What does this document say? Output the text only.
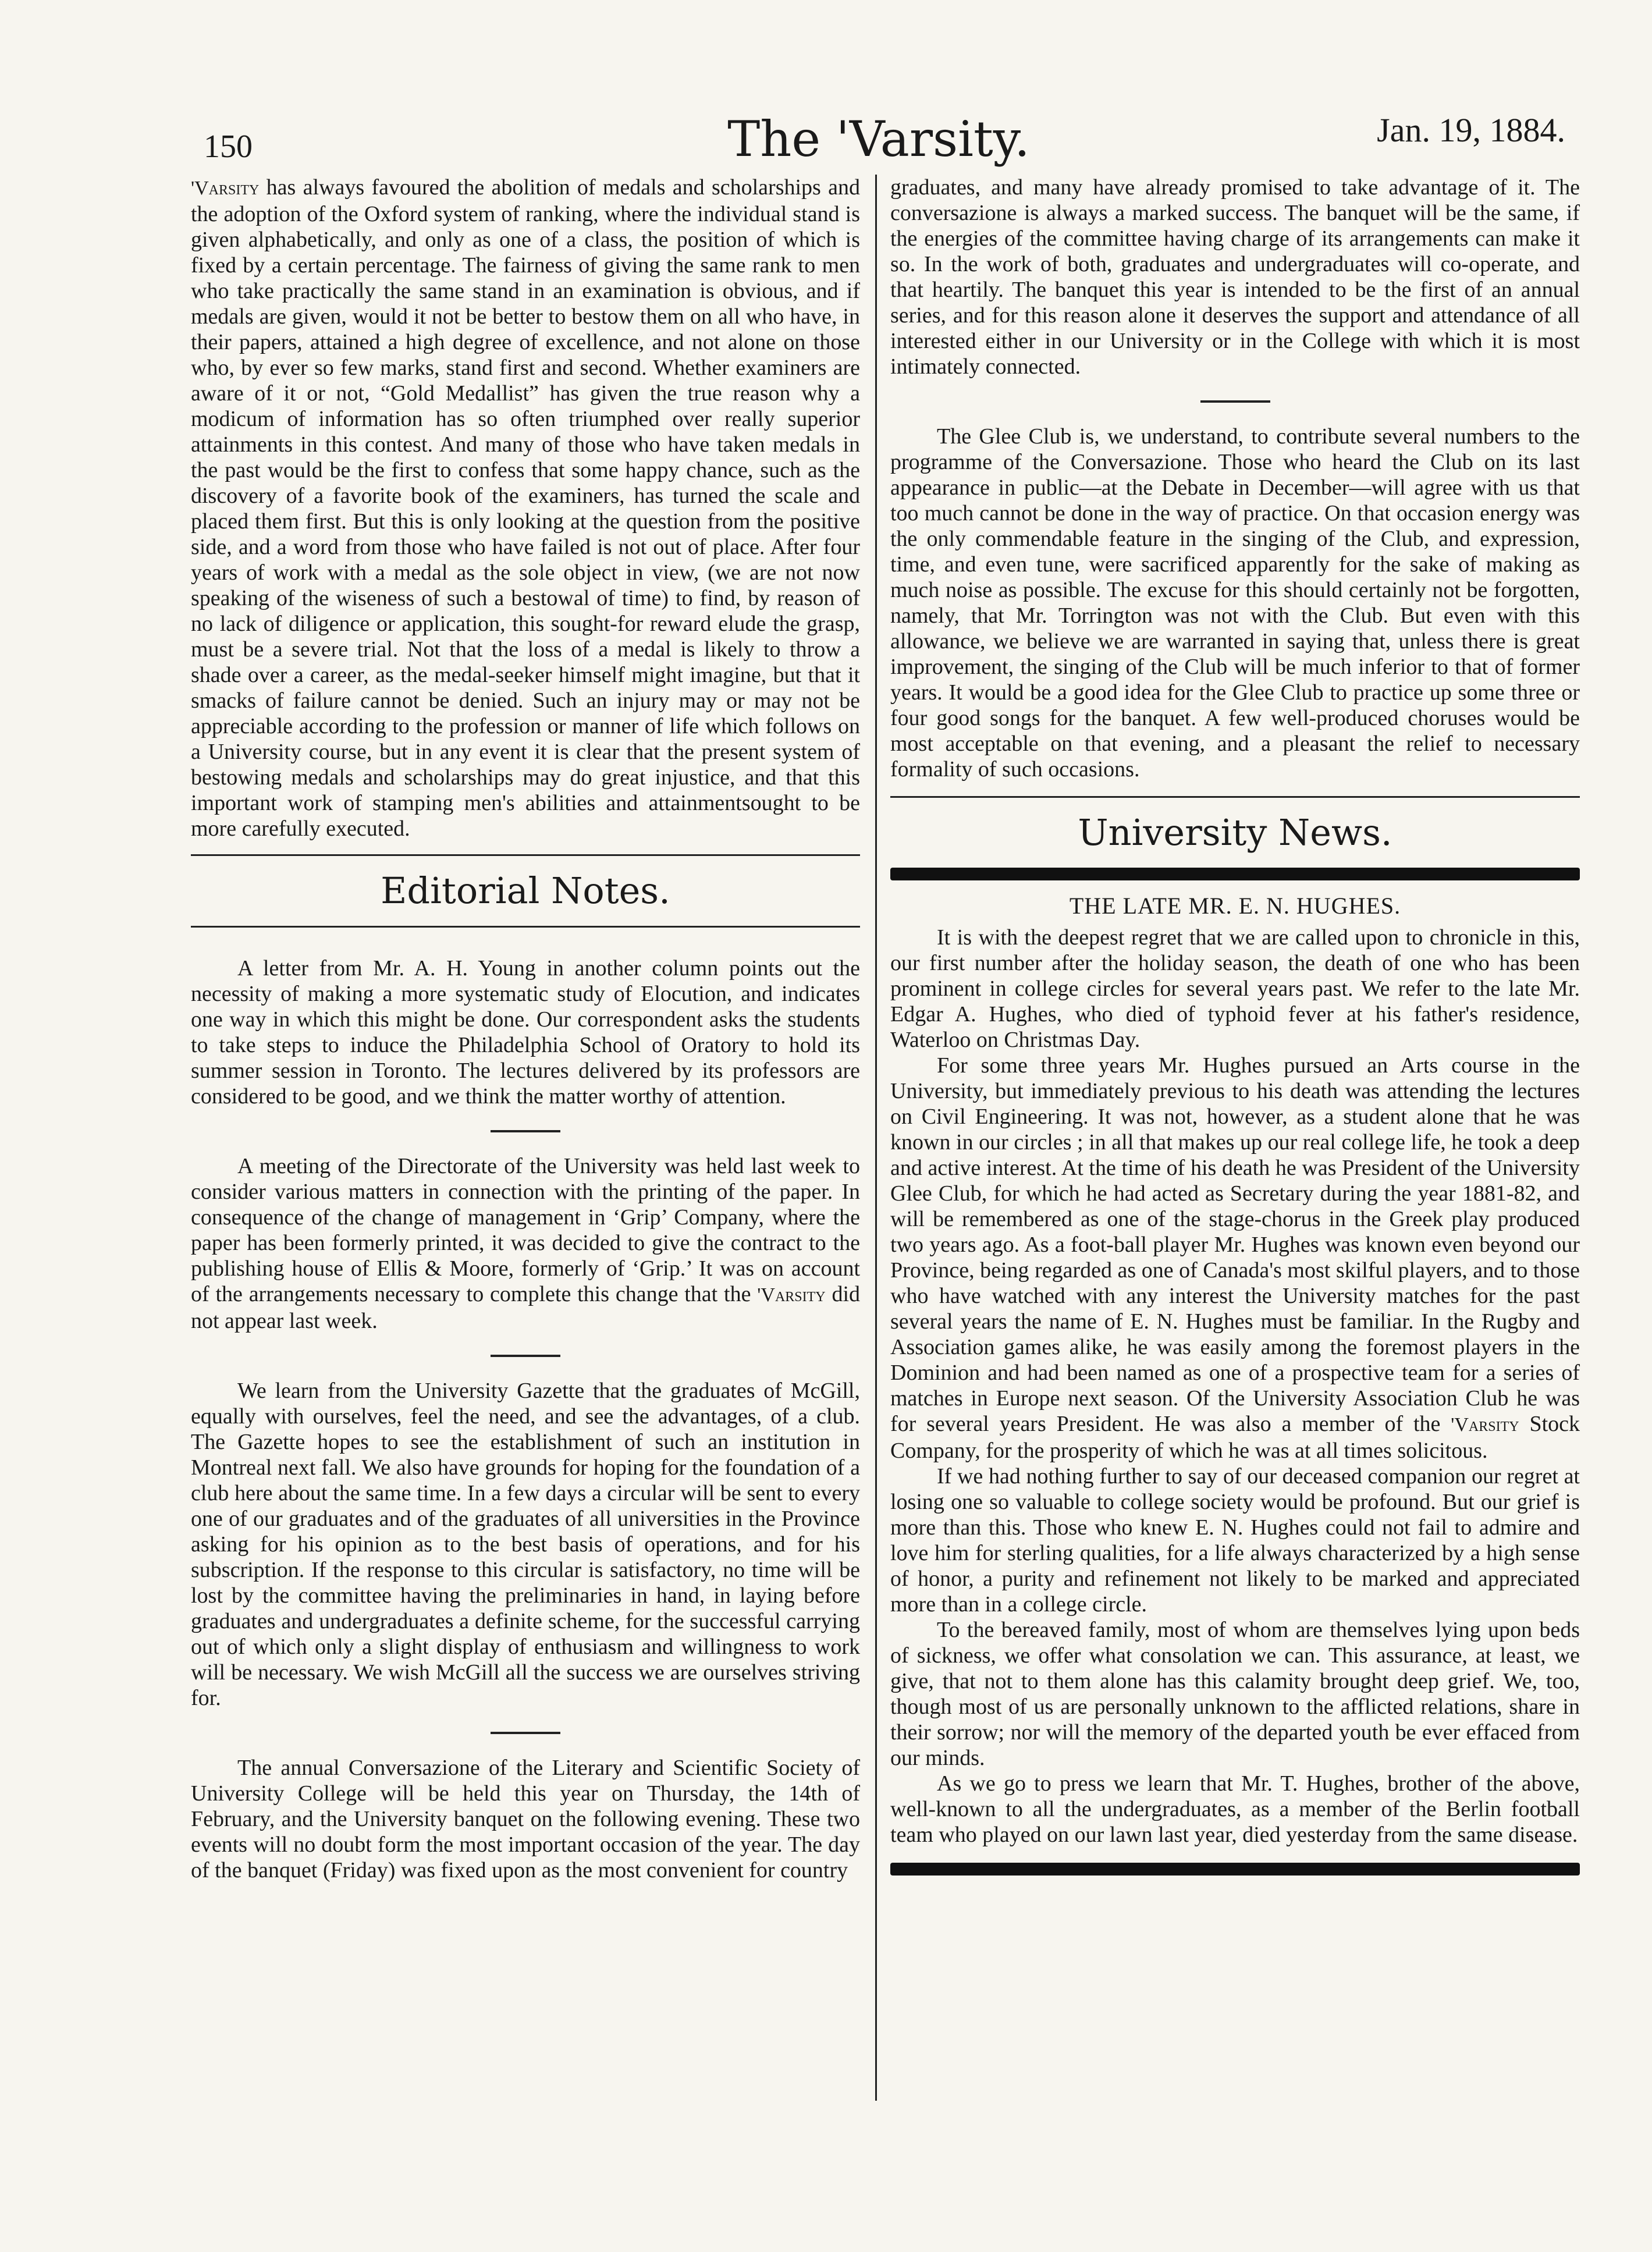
150	The 'Varsity.	Jan. 19, 1884.

'Varsity has always favoured the abolition of medals and scholarships and the adoption of the Oxford system of ranking, where the individual stand is given alphabetically, and only as one of a class, the position of which is fixed by a certain percentage. The fairness of giving the same rank to men who take practically the same stand in an examination is obvious, and if medals are given, would it not be better to bestow them on all who have, in their papers, attained a high degree of excellence, and not alone on those who, by ever so few marks, stand first and second. Whether examiners are aware of it or not, “Gold Medallist” has given the true reason why a modicum of information has so often triumphed over really superior attainments in this contest. And many of those who have taken medals in the past would be the first to confess that some happy chance, such as the discovery of a favorite book of the examiners, has turned the scale and placed them first. But this is only looking at the question from the positive side, and a word from those who have failed is not out of place. After four years of work with a medal as the sole object in view, (we are not now speaking of the wiseness of such a bestowal of time) to find, by reason of no lack of diligence or application, this sought-for reward elude the grasp, must be a severe trial. Not that the loss of a medal is likely to throw a shade over a career, as the medal-seeker himself might imagine, but that it smacks of failure cannot be denied. Such an injury may or may not be appreciable according to the profession or manner of life which follows on a University course, but in any event it is clear that the present system of bestowing medals and scholarships may do great injustice, and that this important work of stamping men's abilities and attainmentsought to be more carefully executed.

Editorial Notes.

A letter from Mr. A. H. Young in another column points out the necessity of making a more systematic study of Elocution, and indicates one way in which this might be done. Our correspondent asks the students to take steps to induce the Philadelphia School of Oratory to hold its summer session in Toronto. The lectures delivered by its professors are considered to be good, and we think the matter worthy of attention.

A meeting of the Directorate of the University was held last week to consider various matters in connection with the printing of the paper. In consequence of the change of management in ‘Grip’ Company, where the paper has been formerly printed, it was decided to give the contract to the publishing house of Ellis & Moore, formerly of ‘Grip.’ It was on account of the arrangements necessary to complete this change that the 'Varsity did not appear last week.

We learn from the University Gazette that the graduates of McGill, equally with ourselves, feel the need, and see the advantages, of a club. The Gazette hopes to see the establishment of such an institution in Montreal next fall. We also have grounds for hoping for the foundation of a club here about the same time. In a few days a circular will be sent to every one of our graduates and of the graduates of all universities in the Province asking for his opinion as to the best basis of operations, and for his subscription. If the response to this circular is satisfactory, no time will be lost by the committee having the preliminaries in hand, in laying before graduates and undergraduates a definite scheme, for the successful carrying out of which only a slight display of enthusiasm and willingness to work will be necessary. We wish McGill all the success we are ourselves striving for.

The annual Conversazione of the Literary and Scientific Society of University College will be held this year on Thursday, the 14th of February, and the University banquet on the following evening. These two events will no doubt form the most important occasion of the year. The day of the banquet (Friday) was fixed upon as the most convenient for country

graduates, and many have already promised to take advantage of it. The conversazione is always a marked success. The banquet will be the same, if the energies of the committee having charge of its arrangements can make it so. In the work of both, graduates and undergraduates will co-operate, and that heartily. The banquet this year is intended to be the first of an annual series, and for this reason alone it deserves the support and attendance of all interested either in our University or in the College with which it is most intimately connected.

The Glee Club is, we understand, to contribute several numbers to the programme of the Conversazione. Those who heard the Club on its last appearance in public—at the Debate in December—will agree with us that too much cannot be done in the way of practice. On that occasion energy was the only commendable feature in the singing of the Club, and expression, time, and even tune, were sacrificed apparently for the sake of making as much noise as possible. The excuse for this should certainly not be forgotten, namely, that Mr. Torrington was not with the Club. But even with this allowance, we believe we are warranted in saying that, unless there is great improvement, the singing of the Club will be much inferior to that of former years. It would be a good idea for the Glee Club to practice up some three or four good songs for the banquet. A few well-produced choruses would be most acceptable on that evening, and a pleasant the relief to necessary formality of such occasions.

University News.
THE LATE MR. E. N. HUGHES.

It is with the deepest regret that we are called upon to chronicle in this, our first number after the holiday season, the death of one who has been prominent in college circles for several years past. We refer to the late Mr. Edgar A. Hughes, who died of typhoid fever at his father's residence, Waterloo on Christmas Day.

For some three years Mr. Hughes pursued an Arts course in the University, but immediately previous to his death was attending the lectures on Civil Engineering. It was not, however, as a student alone that he was known in our circles ; in all that makes up our real college life, he took a deep and active interest. At the time of his death he was President of the University Glee Club, for which he had acted as Secretary during the year 1881-82, and will be remembered as one of the stage-chorus in the Greek play produced two years ago. As a foot-ball player Mr. Hughes was known even beyond our Province, being regarded as one of Canada's most skilful players, and to those who have watched with any interest the University matches for the past several years the name of E. N. Hughes must be familiar. In the Rugby and Association games alike, he was easily among the foremost players in the Dominion and had been named as one of a prospective team for a series of matches in Europe next season. Of the University Association Club he was for several years President. He was also a member of the 'Varsity Stock Company, for the prosperity of which he was at all times solicitous.

If we had nothing further to say of our deceased companion our regret at losing one so valuable to college society would be profound. But our grief is more than this. Those who knew E. N. Hughes could not fail to admire and love him for sterling qualities, for a life always characterized by a high sense of honor, a purity and refinement not likely to be marked and appreciated more than in a college circle.

To the bereaved family, most of whom are themselves lying upon beds of sickness, we offer what consolation we can. This assurance, at least, we give, that not to them alone has this calamity brought deep grief. We, too, though most of us are personally unknown to the afflicted relations, share in their sorrow; nor will the memory of the departed youth be ever effaced from our minds.

As we go to press we learn that Mr. T. Hughes, brother of the above, well-known to all the undergraduates, as a member of the Berlin football team who played on our lawn last year, died yesterday from the same disease.
